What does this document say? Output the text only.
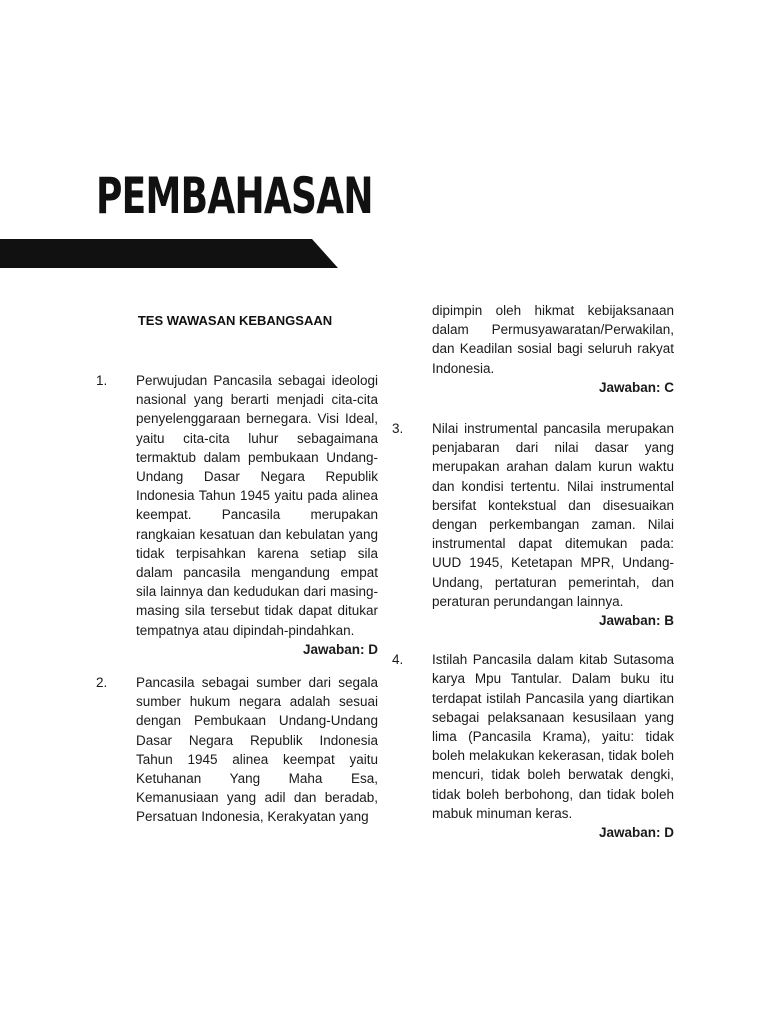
PEMBAHASAN
TES WAWASAN KEBANGSAAN
1. Perwujudan Pancasila sebagai ideologi nasional yang berarti menjadi cita-cita penyelenggaraan bernegara. Visi Ideal, yaitu cita-cita luhur sebagaimana termaktub dalam pembukaan Undang-Undang Dasar Negara Republik Indonesia Tahun 1945 yaitu pada alinea keempat. Pancasila merupakan rangkaian kesatuan dan kebulatan yang tidak terpisahkan karena setiap sila dalam pancasila mengandung empat sila lainnya dan kedudukan dari masing-masing sila tersebut tidak dapat ditukar tempatnya atau dipindah-pindahkan.

Jawaban: D
2. Pancasila sebagai sumber dari segala sumber hukum negara adalah sesuai dengan Pembukaan Undang-Undang Dasar Negara Republik Indonesia Tahun 1945 alinea keempat yaitu Ketuhanan Yang Maha Esa, Kemanusiaan yang adil dan beradab, Persatuan Indonesia, Kerakyatan yang

dipimpin oleh hikmat kebijaksanaan dalam Permusyawaratan/Perwakilan, dan Keadilan sosial bagi seluruh rakyat Indonesia.

Jawaban: C
3. Nilai instrumental pancasila merupakan penjabaran dari nilai dasar yang merupakan arahan dalam kurun waktu dan kondisi tertentu. Nilai instrumental bersifat kontekstual dan disesuaikan dengan perkembangan zaman. Nilai instrumental dapat ditemukan pada: UUD 1945, Ketetapan MPR, Undang-Undang, pertaturan pemerintah, dan peraturan perundangan lainnya.

Jawaban: B
4. Istilah Pancasila dalam kitab Sutasoma karya Mpu Tantular. Dalam buku itu terdapat istilah Pancasila yang diartikan sebagai pelaksanaan kesusilaan yang lima (Pancasila Krama), yaitu: tidak boleh melakukan kekerasan, tidak boleh mencuri, tidak boleh berwatak dengki, tidak boleh berbohong, dan tidak boleh mabuk minuman keras.

Jawaban: D
